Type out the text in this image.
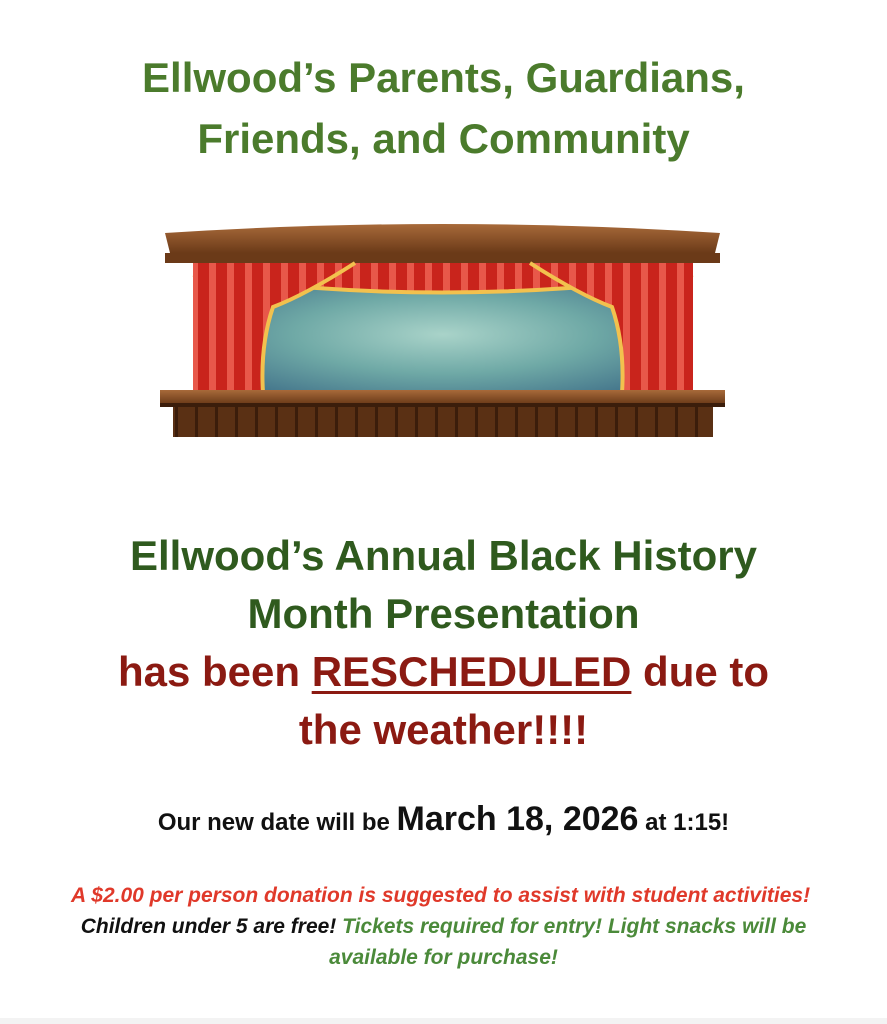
Ellwood’s Parents, Guardians,
Friends, and Community
Ellwood’s Annual Black History
Month Presentation
has been RESCHEDULED due to
the weather!!!!
Our new date will be March 18, 2026 at 1:15!
A $2.00 per person donation is suggested to assist with student activities!  Children under 5 are free! Tickets required for entry! Light snacks will be available for purchase!
